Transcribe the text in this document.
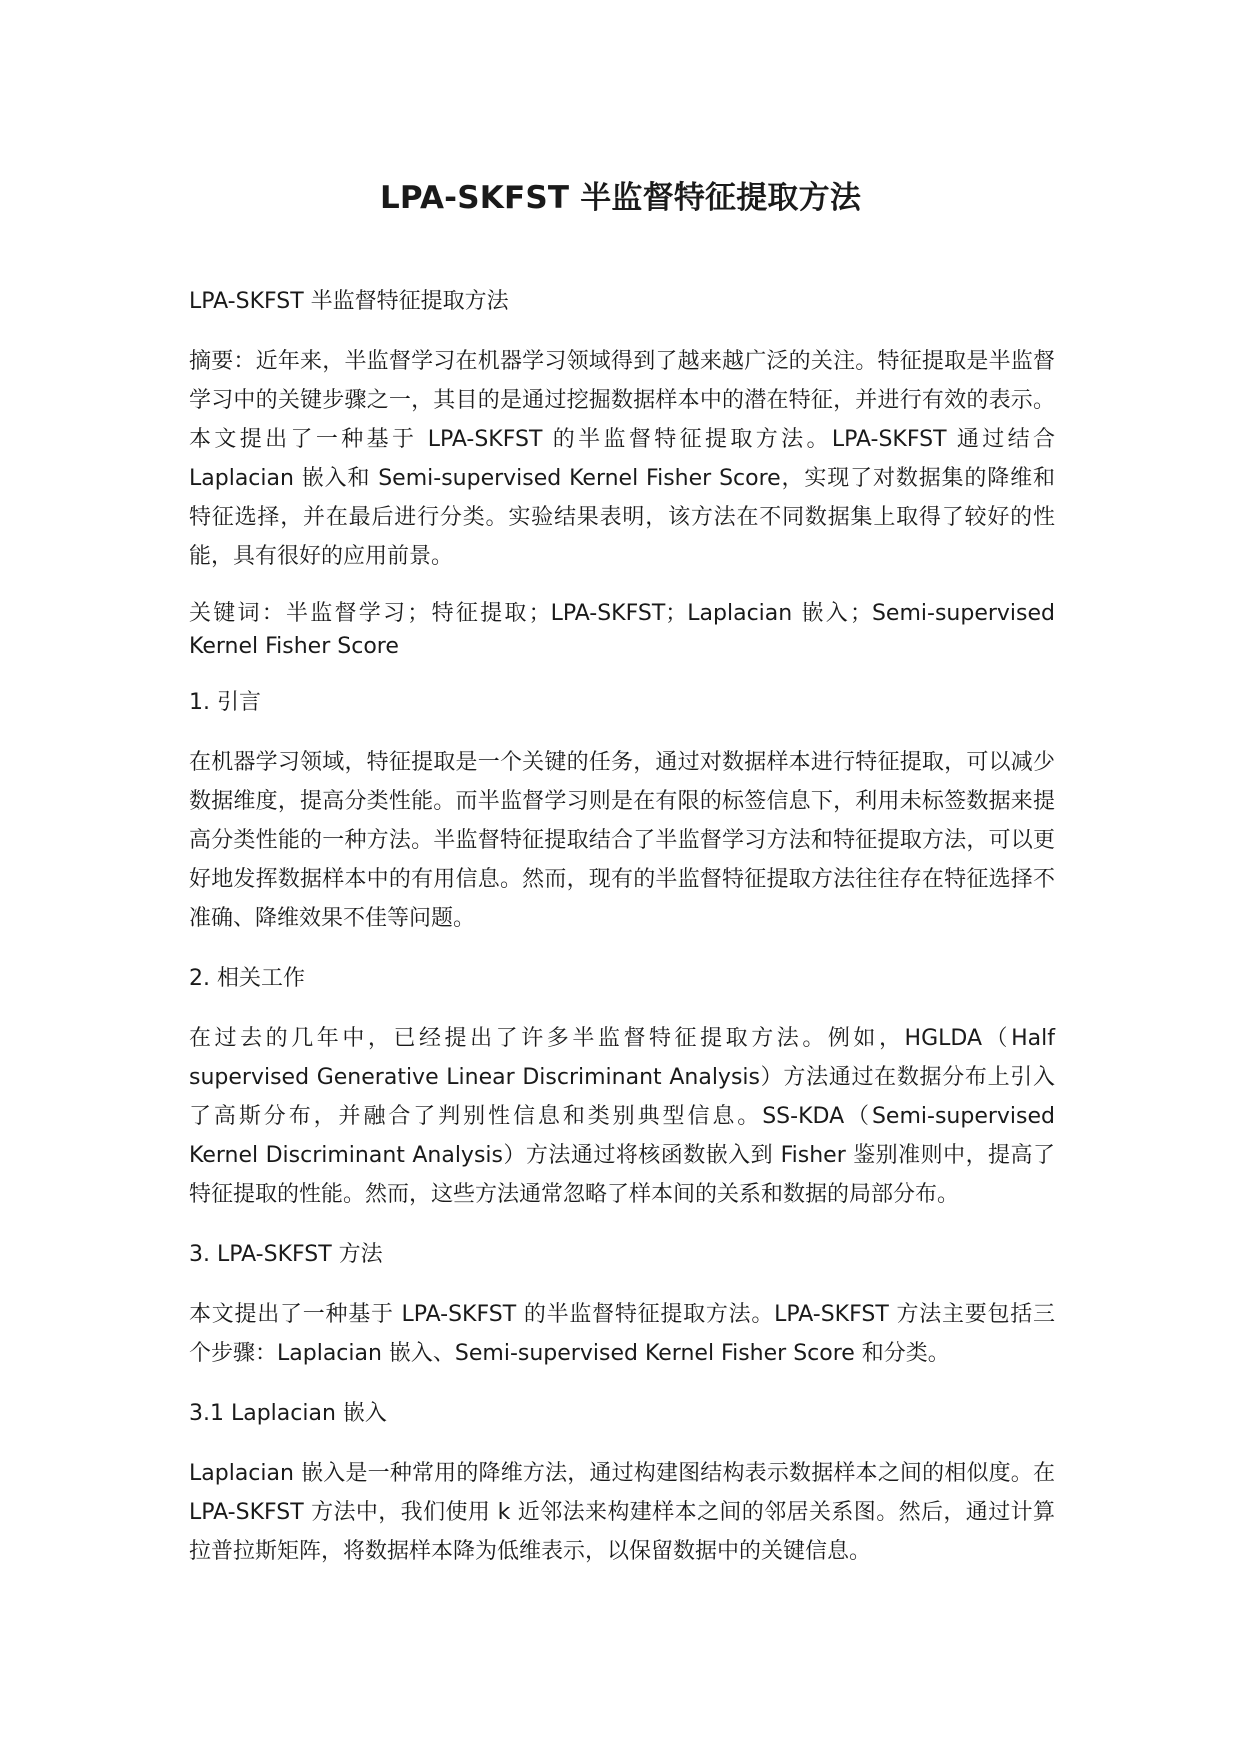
LPA-SKFST 半监督特征提取方法

LPA-SKFST 半监督特征提取方法

摘要：近年来，半监督学习在机器学习领域得到了越来越广泛的关注。特征提取是半监督学习中的关键步骤之一，其目的是通过挖掘数据样本中的潜在特征，并进行有效的表示。本文提出了一种基于 LPA-SKFST 的半监督特征提取方法。LPA-SKFST 通过结合 Laplacian 嵌入和 Semi-supervised Kernel Fisher Score，实现了对数据集的降维和特征选择，并在最后进行分类。实验结果表明，该方法在不同数据集上取得了较好的性能，具有很好的应用前景。

关键词：半监督学习；特征提取；LPA-SKFST；Laplacian 嵌入；Semi-supervised Kernel Fisher Score

1. 引言

在机器学习领域，特征提取是一个关键的任务，通过对数据样本进行特征提取，可以减少数据维度，提高分类性能。而半监督学习则是在有限的标签信息下，利用未标签数据来提高分类性能的一种方法。半监督特征提取结合了半监督学习方法和特征提取方法，可以更好地发挥数据样本中的有用信息。然而，现有的半监督特征提取方法往往存在特征选择不准确、降维效果不佳等问题。

2. 相关工作

在过去的几年中，已经提出了许多半监督特征提取方法。例如，HGLDA（Half supervised Generative Linear Discriminant Analysis）方法通过在数据分布上引入了高斯分布，并融合了判别性信息和类别典型信息。SS-KDA（Semi-supervised Kernel Discriminant Analysis）方法通过将核函数嵌入到 Fisher 鉴别准则中，提高了特征提取的性能。然而，这些方法通常忽略了样本间的关系和数据的局部分布。

3. LPA-SKFST 方法

本文提出了一种基于 LPA-SKFST 的半监督特征提取方法。LPA-SKFST 方法主要包括三个步骤：Laplacian 嵌入、Semi-supervised Kernel Fisher Score 和分类。

3.1 Laplacian 嵌入

Laplacian 嵌入是一种常用的降维方法，通过构建图结构表示数据样本之间的相似度。在 LPA-SKFST 方法中，我们使用 k 近邻法来构建样本之间的邻居关系图。然后，通过计算拉普拉斯矩阵，将数据样本降为低维表示，以保留数据中的关键信息。
